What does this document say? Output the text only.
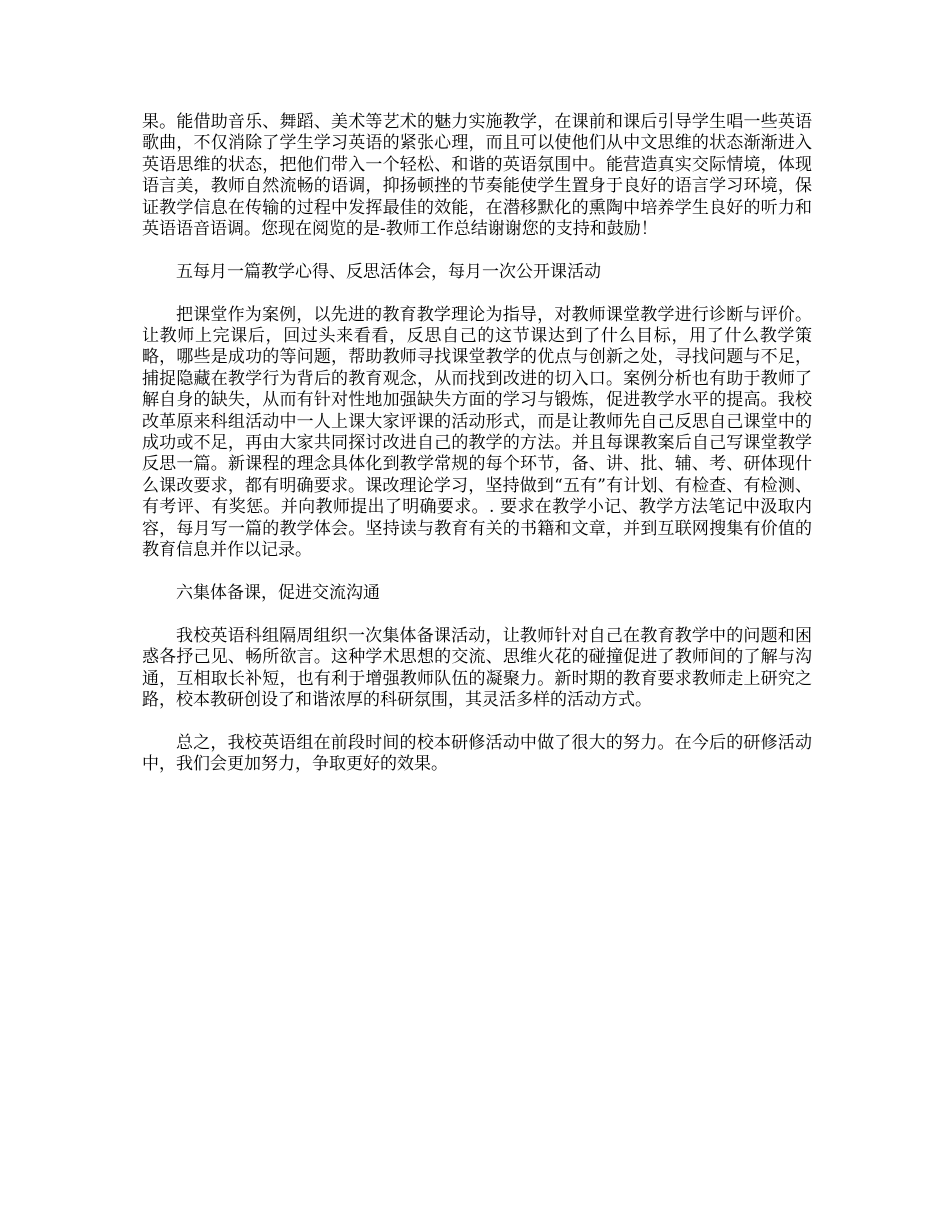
果。能借助音乐、舞蹈、美术等艺术的魅力实施教学，在课前和课后引导学生唱一些英语歌曲，不仅消除了学生学习英语的紧张心理，而且可以使他们从中文思维的状态渐渐进入英语思维的状态，把他们带入一个轻松、和谐的英语氛围中。能营造真实交际情境，体现语言美，教师自然流畅的语调，抑扬顿挫的节奏能使学生置身于良好的语言学习环境，保证教学信息在传输的过程中发挥最佳的效能，在潜移默化的熏陶中培养学生良好的听力和英语语音语调。您现在阅览的是-教师工作总结谢谢您的支持和鼓励！

五每月一篇教学心得、反思活体会，每月一次公开课活动

把课堂作为案例，以先进的教育教学理论为指导，对教师课堂教学进行诊断与评价。让教师上完课后，回过头来看看，反思自己的这节课达到了什么目标，用了什么教学策略，哪些是成功的等问题，帮助教师寻找课堂教学的优点与创新之处，寻找问题与不足，捕捉隐藏在教学行为背后的教育观念，从而找到改进的切入口。案例分析也有助于教师了解自身的缺失，从而有针对性地加强缺失方面的学习与锻炼，促进教学水平的提高。我校改革原来科组活动中一人上课大家评课的活动形式，而是让教师先自己反思自己课堂中的成功或不足，再由大家共同探讨改进自己的教学的方法。并且每课教案后自己写课堂教学反思一篇。新课程的理念具体化到教学常规的每个环节，备、讲、批、辅、考、研体现什么课改要求，都有明确要求。课改理论学习，坚持做到“五有”有计划、有检查、有检测、有考评、有奖惩。并向教师提出了明确要求。. 要求在教学小记、教学方法笔记中汲取内容，每月写一篇的教学体会。坚持读与教育有关的书籍和文章，并到互联网搜集有价值的教育信息并作以记录。

六集体备课，促进交流沟通

我校英语科组隔周组织一次集体备课活动，让教师针对自己在教育教学中的问题和困惑各抒己见、畅所欲言。这种学术思想的交流、思维火花的碰撞促进了教师间的了解与沟通，互相取长补短，也有利于增强教师队伍的凝聚力。新时期的教育要求教师走上研究之路，校本教研创设了和谐浓厚的科研氛围，其灵活多样的活动方式。

总之，我校英语组在前段时间的校本研修活动中做了很大的努力。在今后的研修活动中，我们会更加努力，争取更好的效果。
